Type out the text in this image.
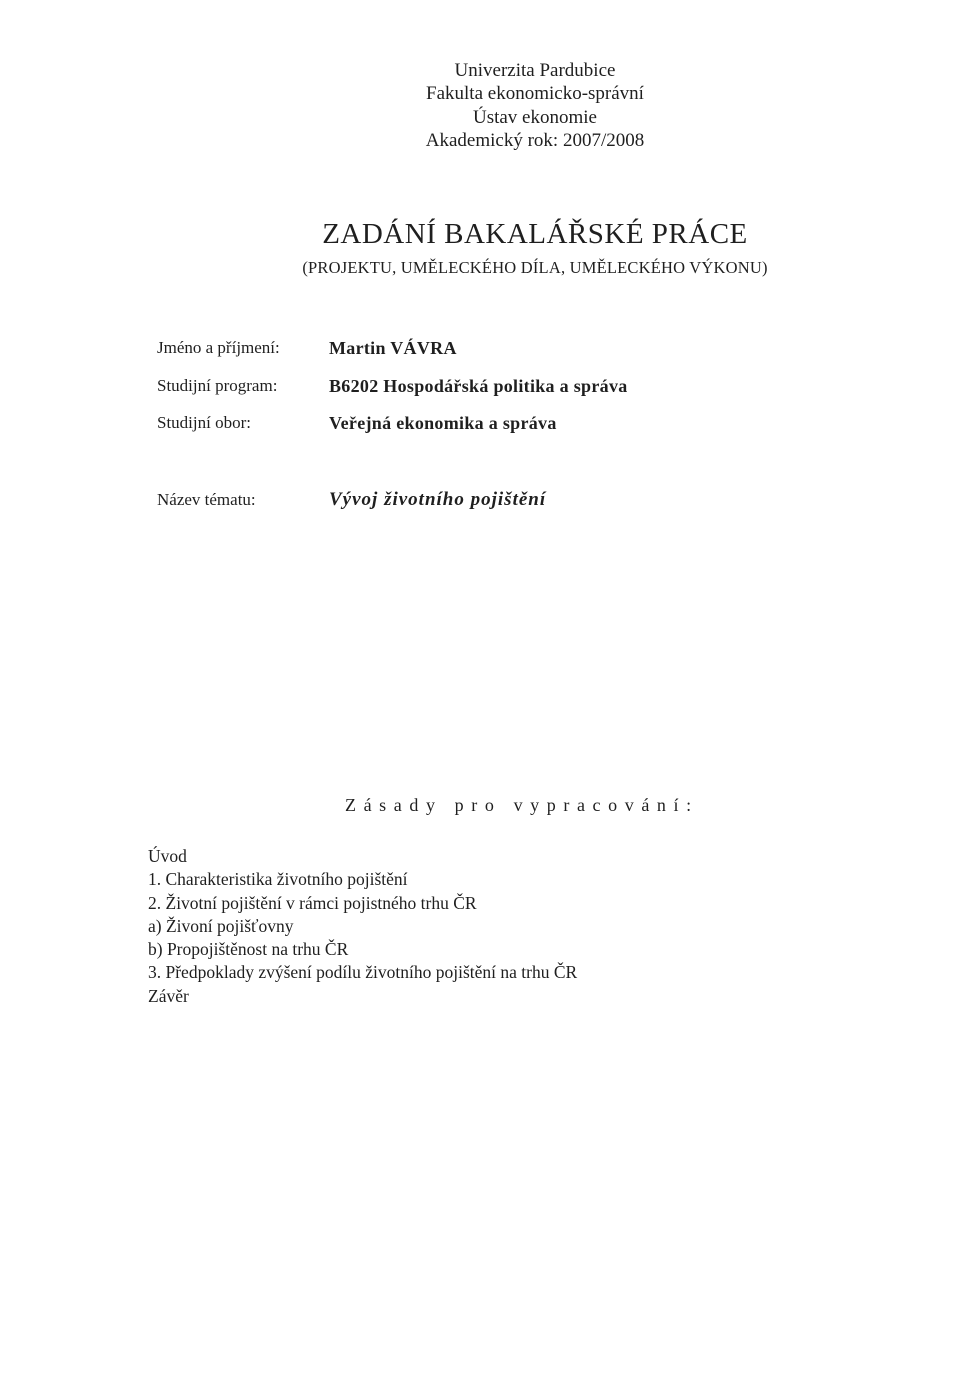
Univerzita Pardubice
Fakulta ekonomicko-správní
Ústav ekonomie
Akademický rok: 2007/2008
ZADÁNÍ BAKALÁŘSKÉ PRÁCE
(PROJEKTU, UMĚLECKÉHO DÍLA, UMĚLECKÉHO VÝKONU)
Jméno a příjmení:	Martin VÁVRA
Studijní program:	B6202 Hospodářská politika a správa
Studijní obor:	Veřejná ekonomika a správa
Název tématu:	Vývoj životního pojištění
Zásady pro vypracování:
Úvod
1. Charakteristika životního pojištění
2. Životní pojištění v rámci pojistného trhu ČR
a) Živoní pojišťovny
b) Propojištěnost na trhu ČR
3. Předpoklady zvýšení podílu životního pojištění na trhu ČR
Závěr
